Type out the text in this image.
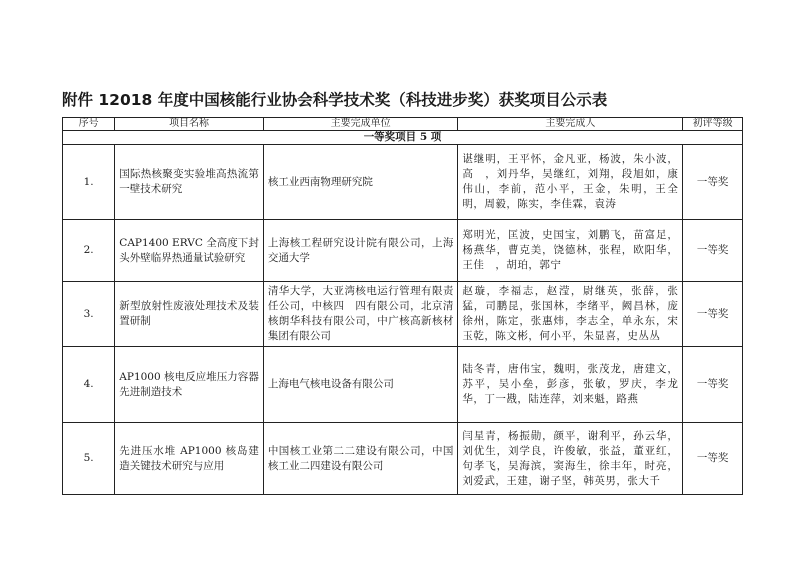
附件 12018 年度中国核能行业协会科学技术奖（科技进步奖）获奖项目公示表
序号	项目名称	主要完成单位	主要完成人	初评等级
一等奖项目 5 项				
1.	国际热核聚变实验堆高热流第一壁技术研究	核工业西南物理研究院	谌继明，王平怀，金凡亚，杨波，朱小波，高　，刘丹华，吴继红，刘翔，段旭如，康伟山，李前，范小平，王金，朱明，王全明，周毅，陈实，李佳霖，袁涛	一等奖
2.	CAP1400 ERVC 全高度下封头外壁临界热通量试验研究	上海核工程研究设计院有限公司，上海交通大学	郑明光，匡波，史国宝，刘鹏飞，苗富足，杨燕华，曹克美，饶德林，张程，欧阳华，王佳　，胡珀，郭宁	一等奖
3.	新型放射性废液处理技术及装置研制	清华大学，大亚湾核电运行管理有限责任公司，中核四　四有限公司，北京清核朗华科技有限公司，中广核高新核材集团有限公司	赵璇，李福志，赵滢，尉继英，张薛，张猛，司鹏昆，张国林，李绪平，阙昌林，庞徐州，陈定，张惠炜，李志全，单永东，宋玉乾，陈文彬，何小平，朱显喜，史丛丛	一等奖
4.	AP1000 核电反应堆压力容器先进制造技术	上海电气核电设备有限公司	陆冬青，唐伟宝，魏明，张茂龙，唐建文，苏平，吴小垒，彭彦，张敏，罗庆，李龙华，丁一戡，陆连萍，刘来魁，路燕	一等奖
5.	先进压水堆 AP1000 核岛建造关键技术研究与应用	中国核工业第二二建设有限公司，中国核工业二四建设有限公司	闫星青，杨振勋，颜平，谢利平，孙云华，刘优生，刘学良，许俊敏，张益，董亚红，句孝飞，吴海滨，窦海生，徐丰年，时亮，刘爱武，王建，谢子坚，韩英男，张大千	一等奖
